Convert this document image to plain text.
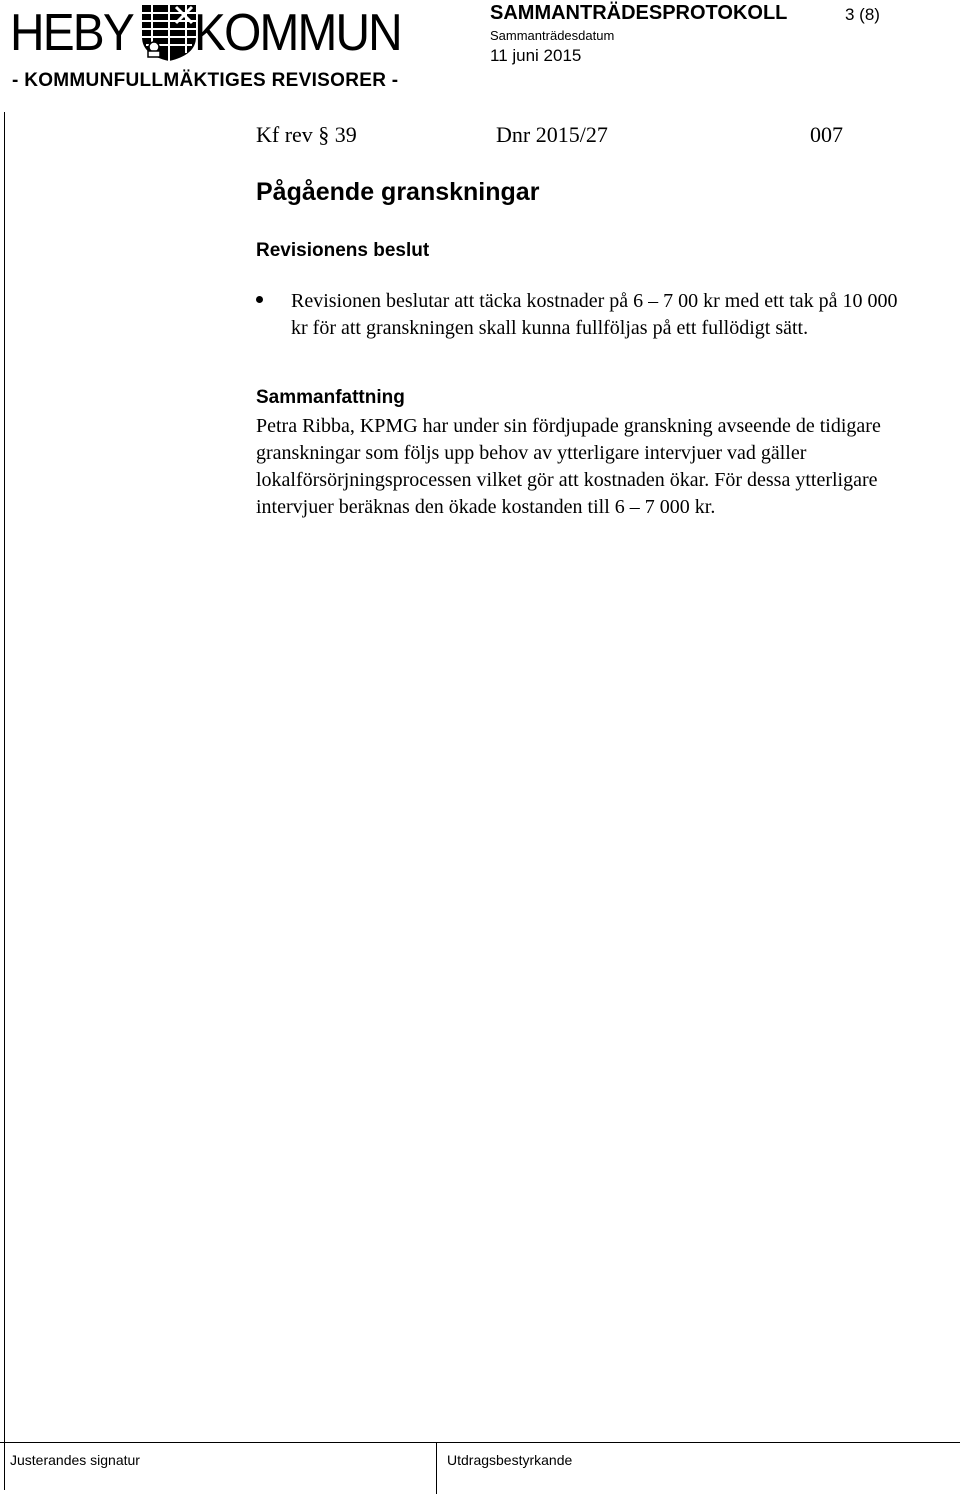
HEBY KOMMUN
- KOMMUNFULLMÄKTIGES REVISORER -
SAMMANTRÄDESPROTOKOLL	3 (8)
Sammanträdesdatum
11 juni 2015
Kf rev § 39	Dnr 2015/27	007
Pågående granskningar
Revisionens beslut
Revisionen beslutar att täcka kostnader på 6 – 7 00 kr med ett tak på 10 000 kr för att granskningen skall kunna fullföljas på ett fullödigt sätt.
Sammanfattning
Petra Ribba, KPMG har under sin fördjupade granskning avseende de tidigare granskningar som följs upp behov av ytterligare intervjuer vad gäller lokalförsörjningsprocessen vilket gör att kostnaden ökar. För dessa ytterligare intervjuer beräknas den ökade kostanden till 6 – 7 000 kr.
Justerandes signatur	Utdragsbestyrkande
